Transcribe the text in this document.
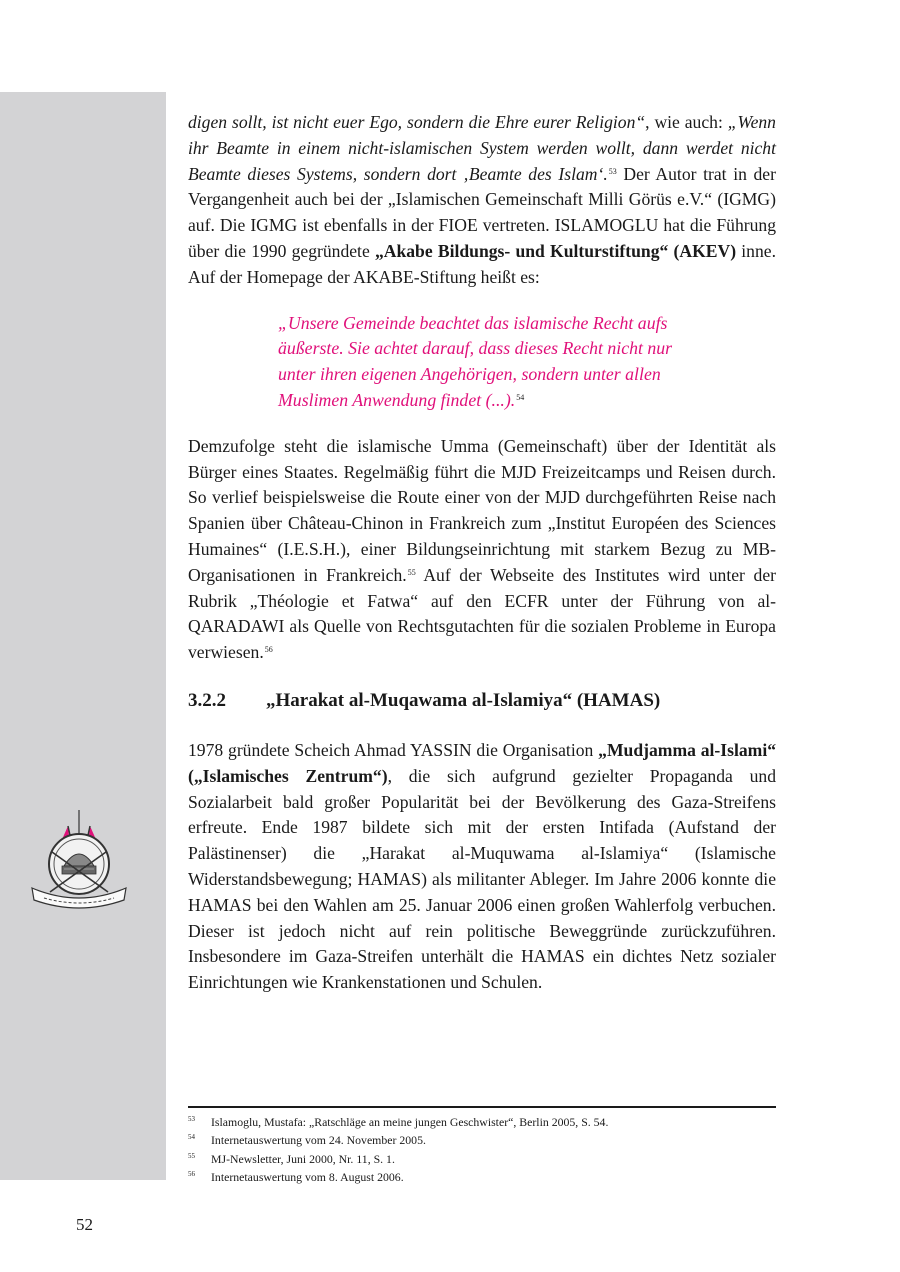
digen sollt, ist nicht euer Ego, sondern die Ehre eurer Religion“, wie auch: „Wenn ihr Beamte in einem nicht-islamischen System werden wollt, dann werdet nicht Beamte dieses Systems, sondern dort ‚Beamte des Islam‘.$^{53}$ Der Autor trat in der Vergangenheit auch bei der „Islamischen Gemeinschaft Milli Görüs e.V.“ (IGMG) auf. Die IGMG ist ebenfalls in der FIOE vertreten. ISLAMOGLU hat die Führung über die 1990 gegründete „Akabe Bildungs- und Kulturstiftung“ (AKEV) inne. Auf der Homepage der AKABE-Stiftung heißt es:

„Unsere Gemeinde beachtet das islamische Recht aufs äußerste. Sie achtet darauf, dass dieses Recht nicht nur unter ihren eigenen Angehörigen, sondern unter allen Muslimen Anwendung findet (...).$^{54}$

Demzufolge steht die islamische Umma (Gemeinschaft) über der Identität als Bürger eines Staates. Regelmäßig führt die MJD Freizeitcamps und Reisen durch. So verlief beispielsweise die Route einer von der MJD durchgeführten Reise nach Spanien über Château-Chinon in Frankreich zum „Institut Européen des Sciences Humaines“ (I.E.S.H.), einer Bildungseinrichtung mit starkem Bezug zu MB-Organisationen in Frankreich.$^{55}$ Auf der Webseite des Institutes wird unter der Rubrik „Théologie et Fatwa“ auf den ECFR unter der Führung von al-QARADAWI als Quelle von Rechtsgutachten für die sozialen Probleme in Europa verwiesen.$^{56}$

3.2.2 „Harakat al-Muqawama al-Islamiya“ (HAMAS)

1978 gründete Scheich Ahmad YASSIN die Organisation „Mudjamma al-Islami“ („Islamisches Zentrum“), die sich aufgrund gezielter Propaganda und Sozialarbeit bald großer Popularität bei der Bevölkerung des Gaza-Streifens erfreute. Ende 1987 bildete sich mit der ersten Intifada (Aufstand der Palästinenser) die „Harakat al-Muquwama al-Islamiya“ (Islamische Widerstandsbewegung; HAMAS) als militanter Ableger. Im Jahre 2006 konnte die HAMAS bei den Wahlen am 25. Januar 2006 einen großen Wahlerfolg verbuchen. Dieser ist jedoch nicht auf rein politische Beweggründe zurückzuführen. Insbesondere im Gaza-Streifen unterhält die HAMAS ein dichtes Netz sozialer Einrichtungen wie Krankenstationen und Schulen.

53 Islamoglu, Mustafa: „Ratschläge an meine jungen Geschwister“, Berlin 2005, S. 54.
54 Internetauswertung vom 24. November 2005.
55 MJ-Newsletter, Juni 2000, Nr. 11, S. 1.
56 Internetauswertung vom 8. August 2006.
52
